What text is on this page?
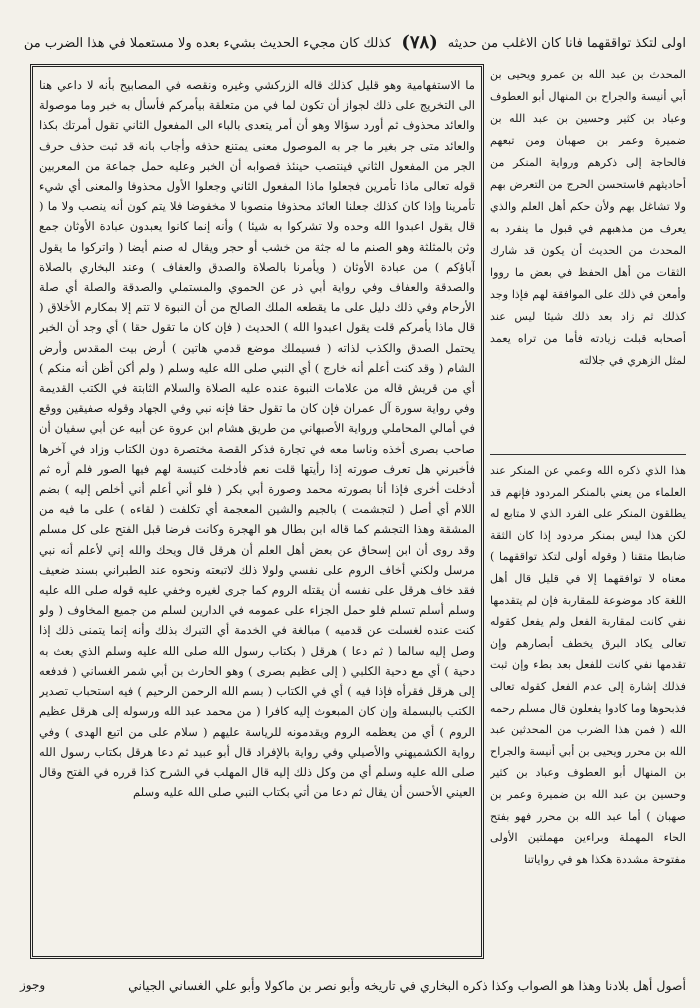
أولى لتكذ تواققهما فانا كان الاغلب من حديثه
(٧٨)
كذلك كان مجيء الحديث بشيء بعده ولا مستعملا في هذا الضرب من
ما الاستفهامية وهو قليل كذلك قاله الزركشي وغيره ونقصه في المصابيح بأنه لا داعي هنا الى التخريج على ذلك لجواز أن تكون لما في من متعلقة بيأمركم فأسأل به خبر وما موصولة والعائد محذوف ثم أورد سؤالا وهو أن أمر يتعدى بالباء الى المفعول الثاني تقول أمرتك بكذا والعائد متى جر بغير ما جر به الموصول معنى يمتنع حذفه وأجاب بانه قد ثبت حذف حرف الجر من المفعول الثاني فينتصب حينئذ فصوابه أن الخبر وعليه حمل جماعة من المعربين قوله تعالى ماذا تأمرين فجعلوا ماذا المفعول الثاني وجعلوا الأول محذوفا والمعنى أي شيء تأمرينا وإذا كان كذلك جعلنا العائد محذوفا منصوبا لا مخفوضا فلا يتم كون أنه ينصب ولا ما ( قال يقول اعبدوا الله وحده ولا تشركوا به شيئا ) وأنه إنما كانوا يعبدون عبادة الأوثان جمع وثن بالمثلثة وهو الصنم ما له جثة من خشب أو حجر ويقال له صنم أيضا ( واتركوا ما يقول آباؤكم ) من عبادة الأوثان ( ويأمرنا بالصلاة والصدق والعفاف ) وعند البخاري بالصلاة والصدقة والعفاف وفي رواية أبي ذر عن الحموي والمستملي والصدقة والصلة أي صلة الأرحام وفي ذلك دليل على ما يقطعه الملك الصالح من أن النبوة لا تتم إلا بمكارم الأخلاق ( قال ماذا يأمركم قلت يقول اعبدوا الله ) الحديث ( فإن كان ما تقول حقا ) أي وجد أن الخبر يحتمل الصدق والكذب لذاته ( فسيملك موضع قدمي هاتين ) أرض بيت المقدس وأرض الشام ( وقد كنت أعلم أنه خارج ) أي النبي صلى الله عليه وسلم ( ولم أكن أظن أنه منكم ) أي من قريش قاله من علامات النبوة عنده عليه الصلاة والسلام الثابتة في الكتب القديمة وفي رواية سورة آل عمران فإن كان ما تقول حقا فإنه نبي وفي الجهاد وقوله صفيقين ووقع في أمالي المحاملي ورواية الأصبهاني من طريق هشام ابن عروة عن أبيه عن أبي سفيان أن صاحب بصرى أخذه وناسا معه في تجارة فذكر القصة مختصرة دون الكتاب وزاد في آخرها فأخبرني هل تعرف صورته إذا رأيتها قلت نعم فأدخلت كنيسة لهم فيها الصور فلم أره ثم أدخلت أخرى فإذا أنا بصورته محمد وصورة أبي بكر ( فلو أني أعلم أني أخلص إليه ) بضم اللام أي أصل ( لتجشمت ) بالجيم والشين المعجمة أي تكلفت ( لقاءه ) على ما فيه من المشقة وهذا التجشم كما قاله ابن بطال هو الهجرة وكانت فرضا قبل الفتح على كل مسلم وقد روى أن ابن إسحاق عن بعض أهل العلم أن هرقل قال ويحك والله إني لأعلم أنه نبي مرسل ولكني أخاف الروم على نفسي ولولا ذلك لاتبعته ونحوه عند الطبراني بسند ضعيف فقد خاف هرقل على نفسه أن يقتله الروم كما جرى لغيره وخفي عليه قوله صلى الله عليه وسلم أسلم تسلم فلو حمل الجزاء على عمومه في الدارين لسلم من جميع المخاوف ( ولو كنت عنده لغسلت عن قدميه ) مبالغة في الخدمة أي التبرك بذلك وأنه إنما يتمنى ذلك إذا وصل إليه سالما ( ثم دعا ) هرقل ( بكتاب رسول الله صلى الله عليه وسلم الذي بعث به دحية ) أي مع دحية الكلبي ( إلى عظيم بصرى ) وهو الحارث بن أبي شمر الغساني ( فدفعه إلى هرقل فقرأه فإذا فيه ) أي في الكتاب ( بسم الله الرحمن الرحيم ) فيه استحباب تصدير الكتب بالبسملة وإن كان المبعوث إليه كافرا ( من محمد عبد الله ورسوله إلى هرقل عظيم الروم ) أي من يعظمه الروم ويقدمونه للرياسة عليهم ( سلام على من اتبع الهدى ) وفي رواية الكشميهني والأصيلي وفي رواية بالإفراد قال أبو عبيد ثم دعا هرقل بكتاب رسول الله صلى الله عليه وسلم أي من وكل ذلك إليه قال المهلب في الشرح كذا قرره في الفتح وقال العيني الأحسن أن يقال ثم دعا من أتي بكتاب النبي صلى الله عليه وسلم
المحدث بن عبد الله بن عمرو ويحيى بن أبي أنيسة والجراح بن المنهال أبو العطوف وعباد بن كثير وحسين بن عبد الله بن ضميرة وعمر بن صهبان ومن تبعهم فالحاجة إلى ذكرهم ورواية المنكر من أحاديثهم فاستحسن الحرج من التعرض بهم ولا تشاغل بهم ولأن حكم أهل العلم والذي يعرف من مذهبهم في قبول ما ينفرد به المحدث من الحديث أن يكون قد شارك الثقات من أهل الحفظ في بعض ما رووا وأمعن في ذلك على الموافقة لهم فإذا وجد كذلك ثم زاد بعد ذلك شيئا ليس عند أصحابه قبلت زيادته فأما من تراه يعمد لمثل الزهري في جلالته
هذا الذي ذكره الله وعمي عن المنكر عند العلماء من يعني بالمنكر المردود فإنهم قد يطلقون المنكر على الفرد الذي لا متابع له لكن هذا ليس بمنكر مردود إذا كان الثقة ضابطا متقنا ( وقوله أولى لتكذ تواققهما ) معناه لا توافقهما إلا في قليل قال أهل اللغة كاد موضوعة للمقاربة فإن لم يتقدمها نفي كانت لمقاربة الفعل ولم يفعل كقوله تعالى يكاد البرق يخطف أبصارهم وإن تقدمها نفي كانت للفعل بعد بطء وإن ثبت فذلك إشارة إلى عدم الفعل كقوله تعالى فذبحوها وما كادوا يفعلون قال مسلم رحمه الله ( فمن هذا الضرب من المحدثين عبد الله بن محرر ويحيى بن أبي أنيسة والجراح بن المنهال أبو العطوف وعباد بن كثير وحسين بن عبد الله بن ضميرة وعمر بن صهبان ) أما عبد الله بن محرر فهو بفتح الحاء المهملة وبراءين مهملتين الأولى مفتوحة مشددة هكذا هو في رواياتنا
أصول أهل بلادنا وهذا هو الصواب وكذا ذكره البخاري في تاريخه وأبو نصر بن ماكولا وأبو علي الغساني الجياني
وجوز
